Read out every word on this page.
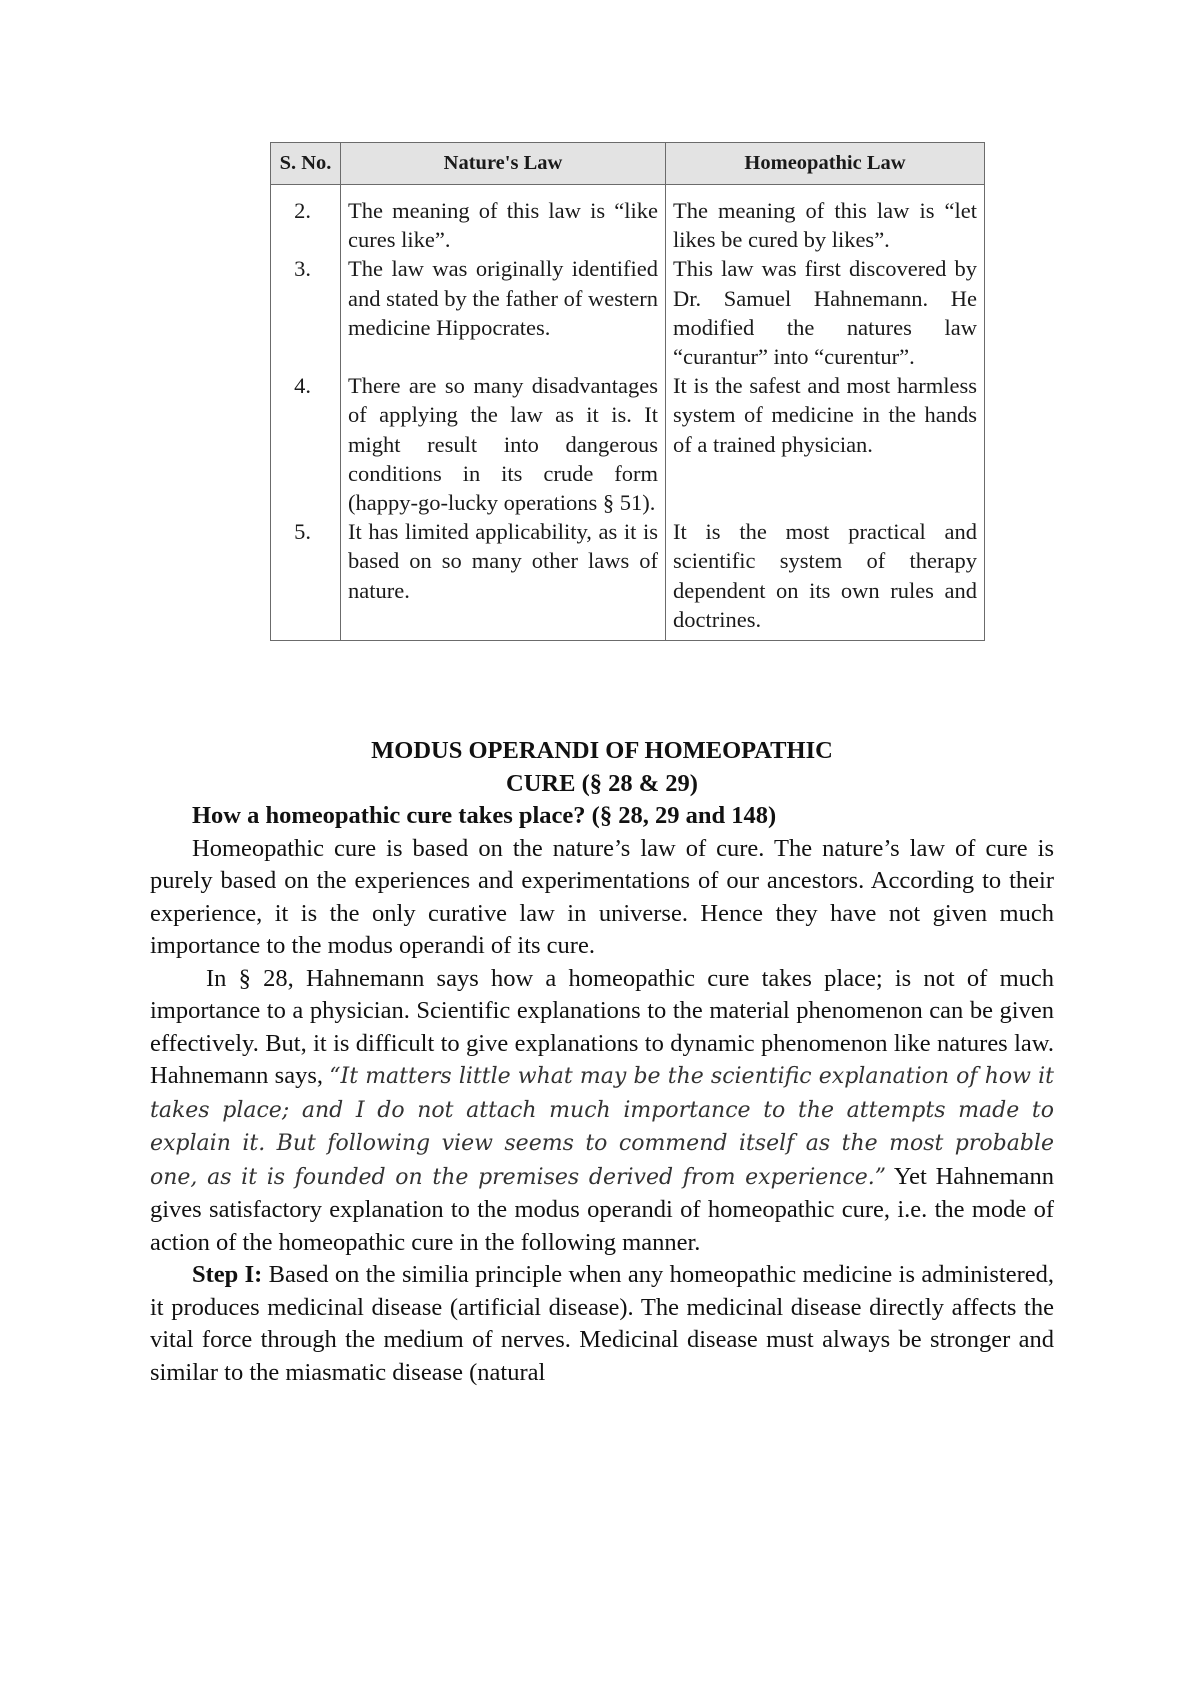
S. No.	Nature's Law	Homeopathic Law
2.	The meaning of this law is “like cures like”.	The meaning of this law is “let likes be cured by likes”.
3.	The law was originally identified and stated by the father of western medicine Hippocrates.	This law was first discovered by Dr. Samuel Hahnemann. He modified the natures law “curantur” into “curentur”.
4.	There are so many disadvantages of applying the law as it is. It might result into dangerous conditions in its crude form (happy-go-lucky operations § 51).	It is the safest and most harmless system of medicine in the hands of a trained physician.
5.	It has limited applicability, as it is based on so many other laws of nature.	It is the most practical and scientific system of therapy dependent on its own rules and doctrines.

MODUS OPERANDI OF HOMEOPATHIC

CURE (§ 28 & 29)

How a homeopathic cure takes place? (§ 28, 29 and 148)

Homeopathic cure is based on the nature’s law of cure. The nature’s law of cure is purely based on the experiences and experimentations of our ancestors. According to their experience, it is the only curative law in universe. Hence they have not given much importance to the modus operandi of its cure.

In § 28, Hahnemann says how a homeopathic cure takes place; is not of much importance to a physician. Scientific explanations to the material phenomenon can be given effectively. But, it is difficult to give explanations to dynamic phenomenon like natures law. Hahnemann says, “It matters little what may be the scientific explanation of how it takes place; and I do not attach much importance to the attempts made to explain it. But following view seems to commend itself as the most probable one, as it is founded on the premises derived from experience.” Yet Hahnemann gives satisfactory explanation to the modus operandi of homeopathic cure, i.e. the mode of action of the homeopathic cure in the following manner.

Step I: Based on the similia principle when any homeopathic medicine is administered, it produces medicinal disease (artificial disease). The medicinal disease directly affects the vital force through the medium of nerves. Medicinal disease must always be stronger and similar to the miasmatic disease (natural
